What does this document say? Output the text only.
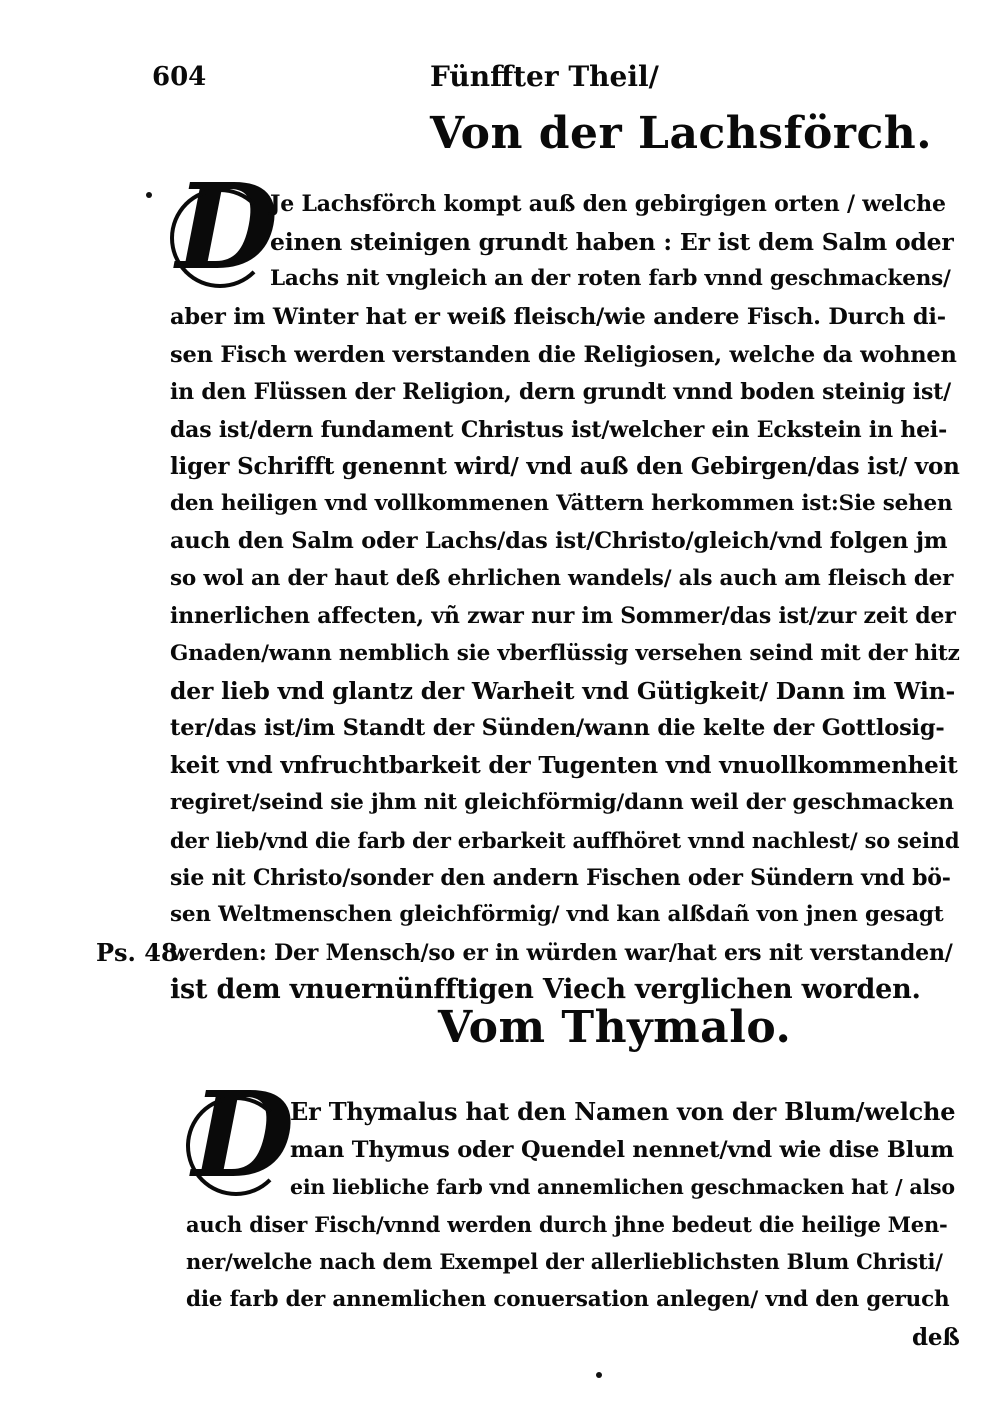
604	Fünffter Theil/
Von der Lachsförch.
D
Je Lachsförch kompt auß den gebirgigen orten / welche
einen steinigen grundt haben : Er ist dem Salm oder
Lachs nit vngleich an der roten farb vnnd geschmackens/
aber im Winter hat er weiß fleisch/wie andere Fisch. Durch di-
sen Fisch werden verstanden die Religiosen, welche da wohnen
in den Flüssen der Religion, dern grundt vnnd boden steinig ist/
das ist/dern fundament Christus ist/welcher ein Eckstein in hei-
liger Schrifft genennt wird/ vnd auß den Gebirgen/das ist/ von
den heiligen vnd vollkommenen Vättern herkommen ist:Sie sehen
auch den Salm oder Lachs/das ist/Christo/gleich/vnd folgen jm
so wol an der haut deß ehrlichen wandels/ als auch am fleisch der
innerlichen affecten, vñ zwar nur im Sommer/das ist/zur zeit der
Gnaden/wann nemblich sie vberflüssig versehen seind mit der hitz
der lieb vnd glantz der Warheit vnd Gütigkeit/ Dann im Win-
ter/das ist/im Standt der Sünden/wann die kelte der Gottlosig-
keit vnd vnfruchtbarkeit der Tugenten vnd vnuollkommenheit
regiret/seind sie jhm nit gleichförmig/dann weil der geschmacken
der lieb/vnd die farb der erbarkeit auffhöret vnnd nachlest/ so seind
sie nit Christo/sonder den andern Fischen oder Sündern vnd bö-
sen Weltmenschen gleichförmig/ vnd kan alßdañ von jnen gesagt
werden: Der Mensch/so er in würden war/hat ers nit verstanden/
ist dem vnuernünfftigen Viech verglichen worden.
Ps. 48.
Vom Thymalo.
D
Er Thymalus hat den Namen von der Blum/welche
man Thymus oder Quendel nennet/vnd wie dise Blum
ein liebliche farb vnd annemlichen geschmacken hat / also
auch diser Fisch/vnnd werden durch jhne bedeut die heilige Men-
ner/welche nach dem Exempel der allerlieblichsten Blum Christi/
die farb der annemlichen conuersation anlegen/ vnd den geruch
deß
